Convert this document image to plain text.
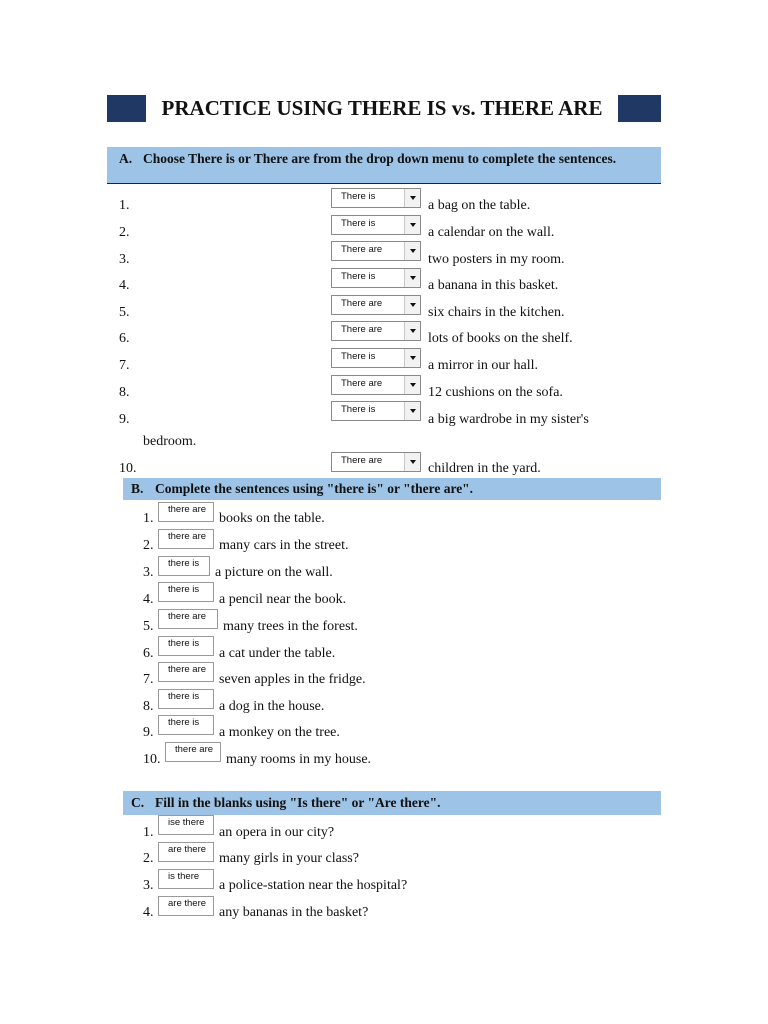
PRACTICE USING THERE IS vs. THERE ARE
A. Choose There is or There are from the drop down menu to complete the sentences.
1.
There is
a bag on the table.
2.
There is
a calendar on the wall.
3.
There are
two posters in my room.
4.
There is
a banana in this basket.
5.
There are
six chairs in the kitchen.
6.
There are
lots of books on the shelf.
7.
There is
a mirror in our hall.
8.
There are
12 cushions on the sofa.
9.
There is
a big wardrobe in my sister's
bedroom.
10.
There are
children in the yard.
B. Complete the sentences using "there is" or "there are".
1.
there are
books on the table.
2.
there are
many cars in the street.
3.
there is
a picture on the wall.
4.
there is
a pencil near the book.
5.
there are
many trees in the forest.
6.
there is
a cat under the table.
7.
there are
seven apples in the fridge.
8.
there is
a dog in the house.
9.
there is
a monkey on the tree.
10.
there are
many rooms in my house.
C. Fill in the blanks using "Is there" or "Are there".
1.
ise there
an opera in our city?
2.
are there
many girls in your class?
3.
is there
a police-station near the hospital?
4.
are there
any bananas in the basket?
